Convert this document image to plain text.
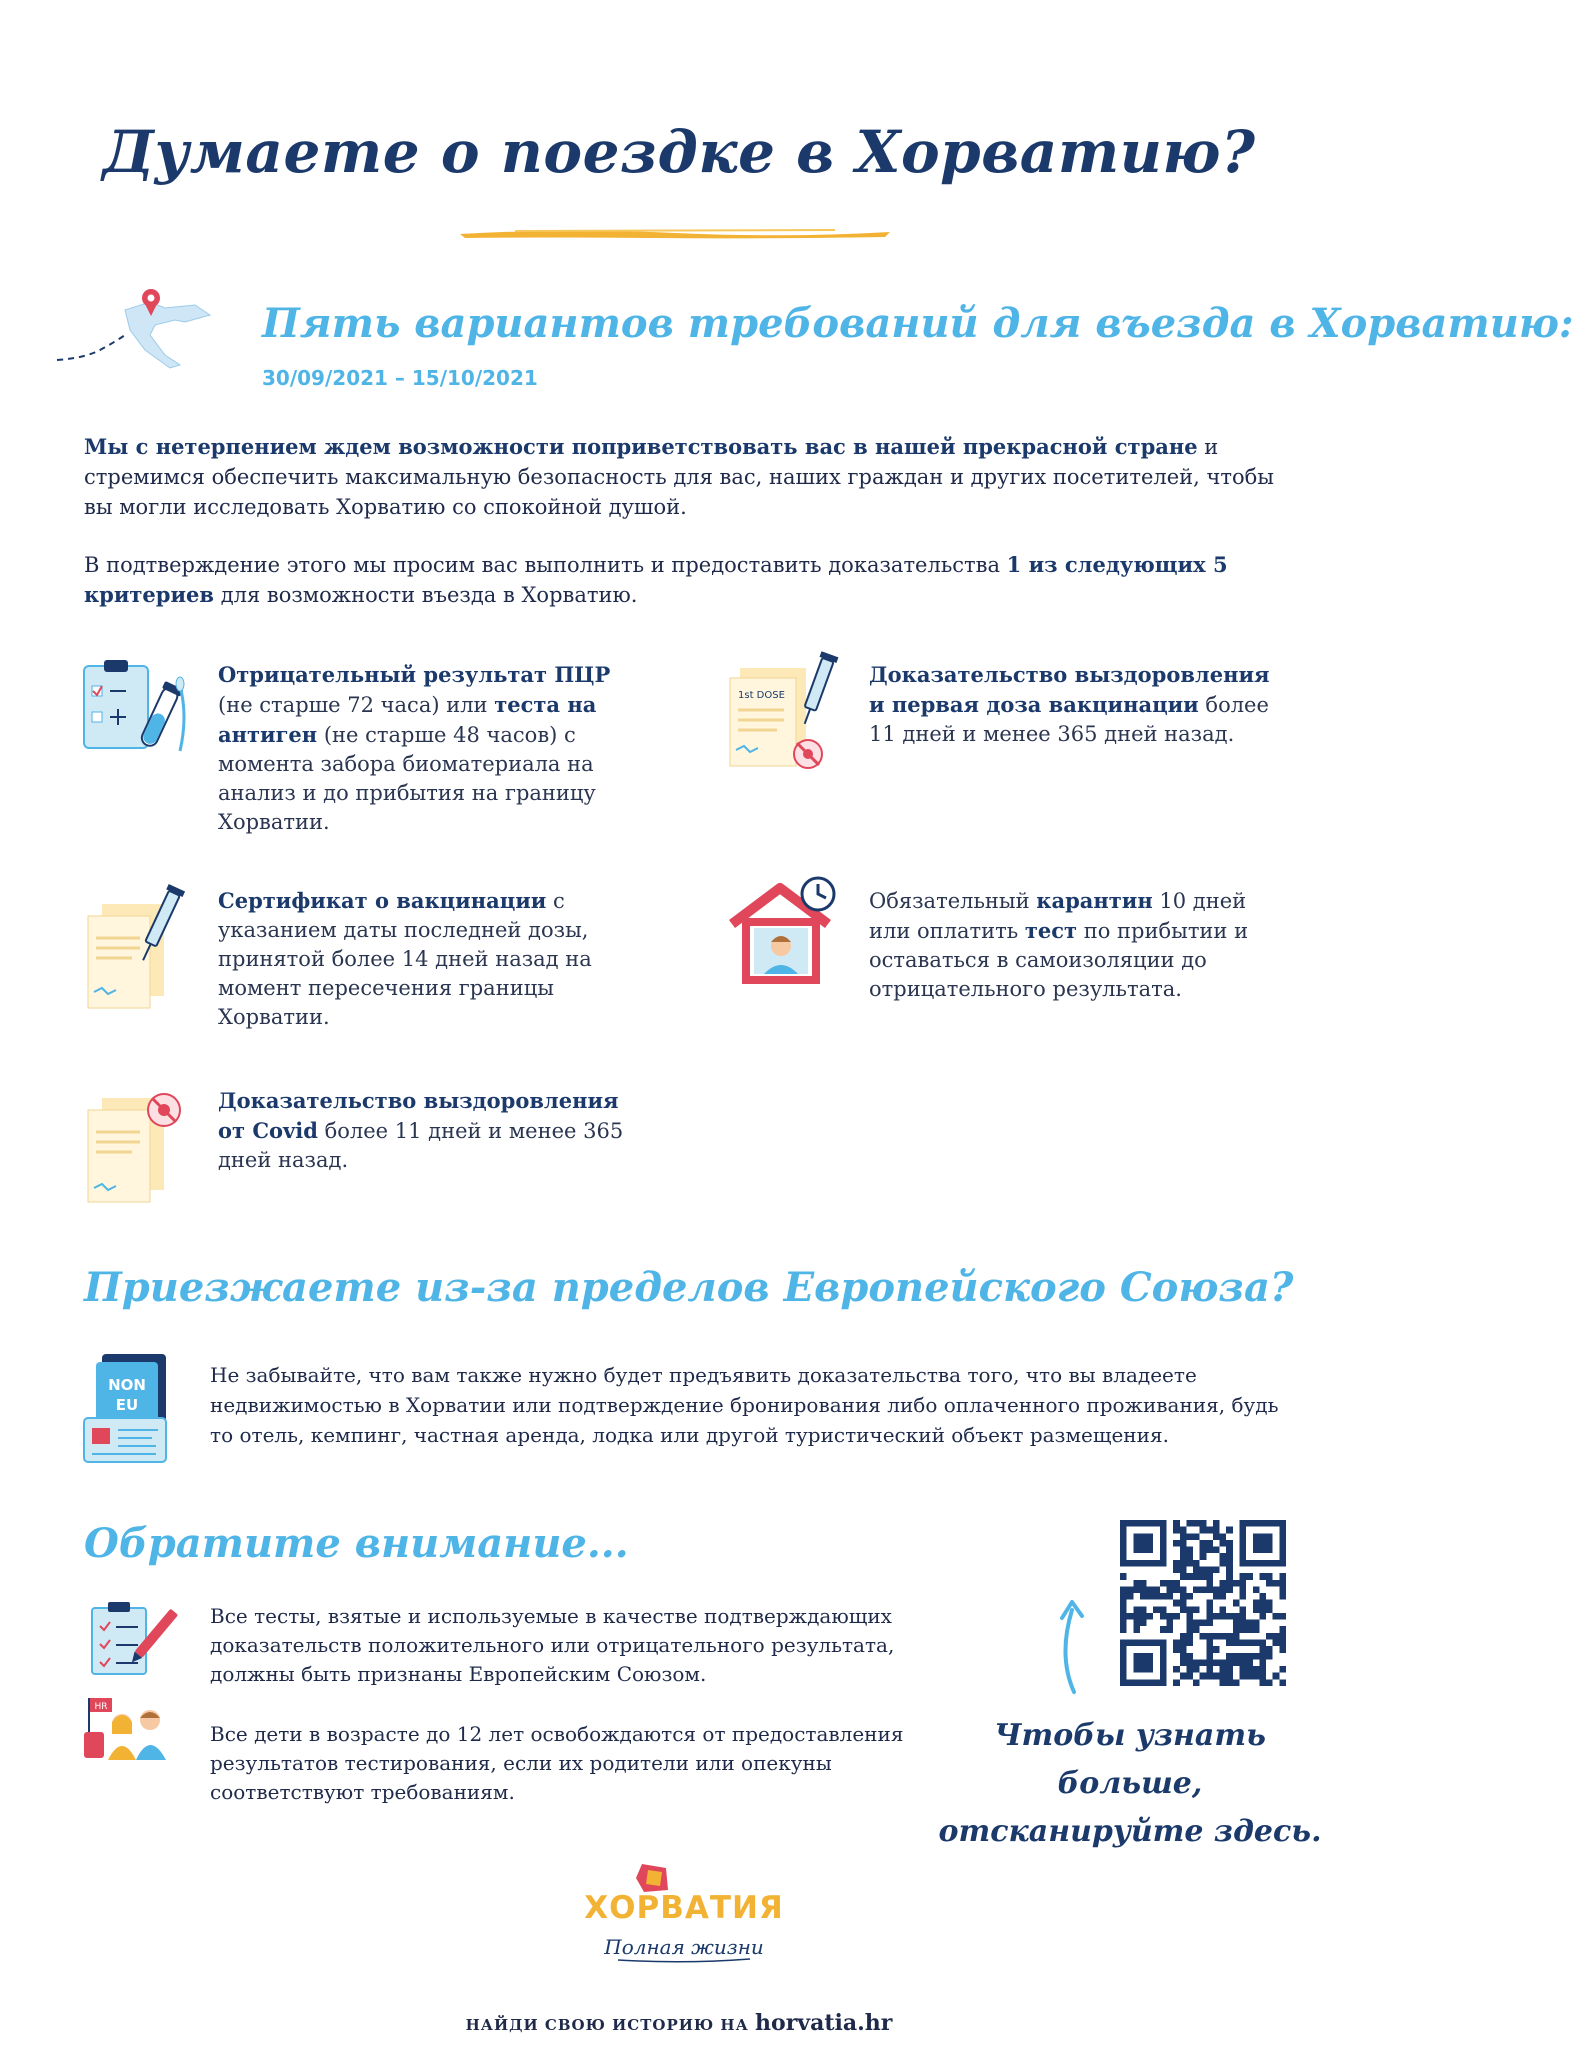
Думаете о поездке в Хорватию?
Пять вариантов требований для въезда в Хорватию:
30/09/2021 – 15/10/2021
Мы с нетерпением ждем возможности поприветствовать вас в нашей прекрасной стране и стремимся обеспечить максимальную безопасность для вас, наших граждан и других посетителей, чтобы вы могли исследовать Хорватию со спокойной душой.
В подтверждение этого мы просим вас выполнить и предоставить доказательства 1 из следующих 5 критериев для возможности въезда в Хорватию.
Отрицательный результат ПЦР (не старше 72 часа) или теста на антиген (не старше 48 часов) с момента забора биоматериала на анализ и до прибытия на границу Хорватии.
1st DOSE
Доказательство выздоровления и первая доза вакцинации более 11 дней и менее 365 дней назад.
Сертификат о вакцинации с указанием даты последней дозы, принятой более 14 дней назад на момент пересечения границы Хорватии.
Обязательный карантин 10 дней или оплатить тест по прибытии и оставаться в самоизоляции до отрицательного результата.
Доказательство выздоровления от Covid более 11 дней и менее 365 дней назад.
Приезжаете из-за пределов Европейского Союза?
NON
EU
Не забывайте, что вам также нужно будет предъявить доказательства того, что вы владеете недвижимостью в Хорватии или подтверждение бронирования либо оплаченного проживания, будь то отель, кемпинг, частная аренда, лодка или другой туристический объект размещения.
Обратите внимание...
Все тесты, взятые и используемые в качестве подтверждающих доказательств положительного или отрицательного результата, должны быть признаны Европейским Союзом.
HR
Все дети в возрасте до 12 лет освобождаются от предоставления результатов тестирования, если их родители или опекуны соответствуют требованиям.
Чтобы узнать больше,
отсканируйте здесь.
ХОРВАТИЯ
Полная жизни
НАЙДИ СВОЮ ИСТОРИЮ НА horvatia.hr
